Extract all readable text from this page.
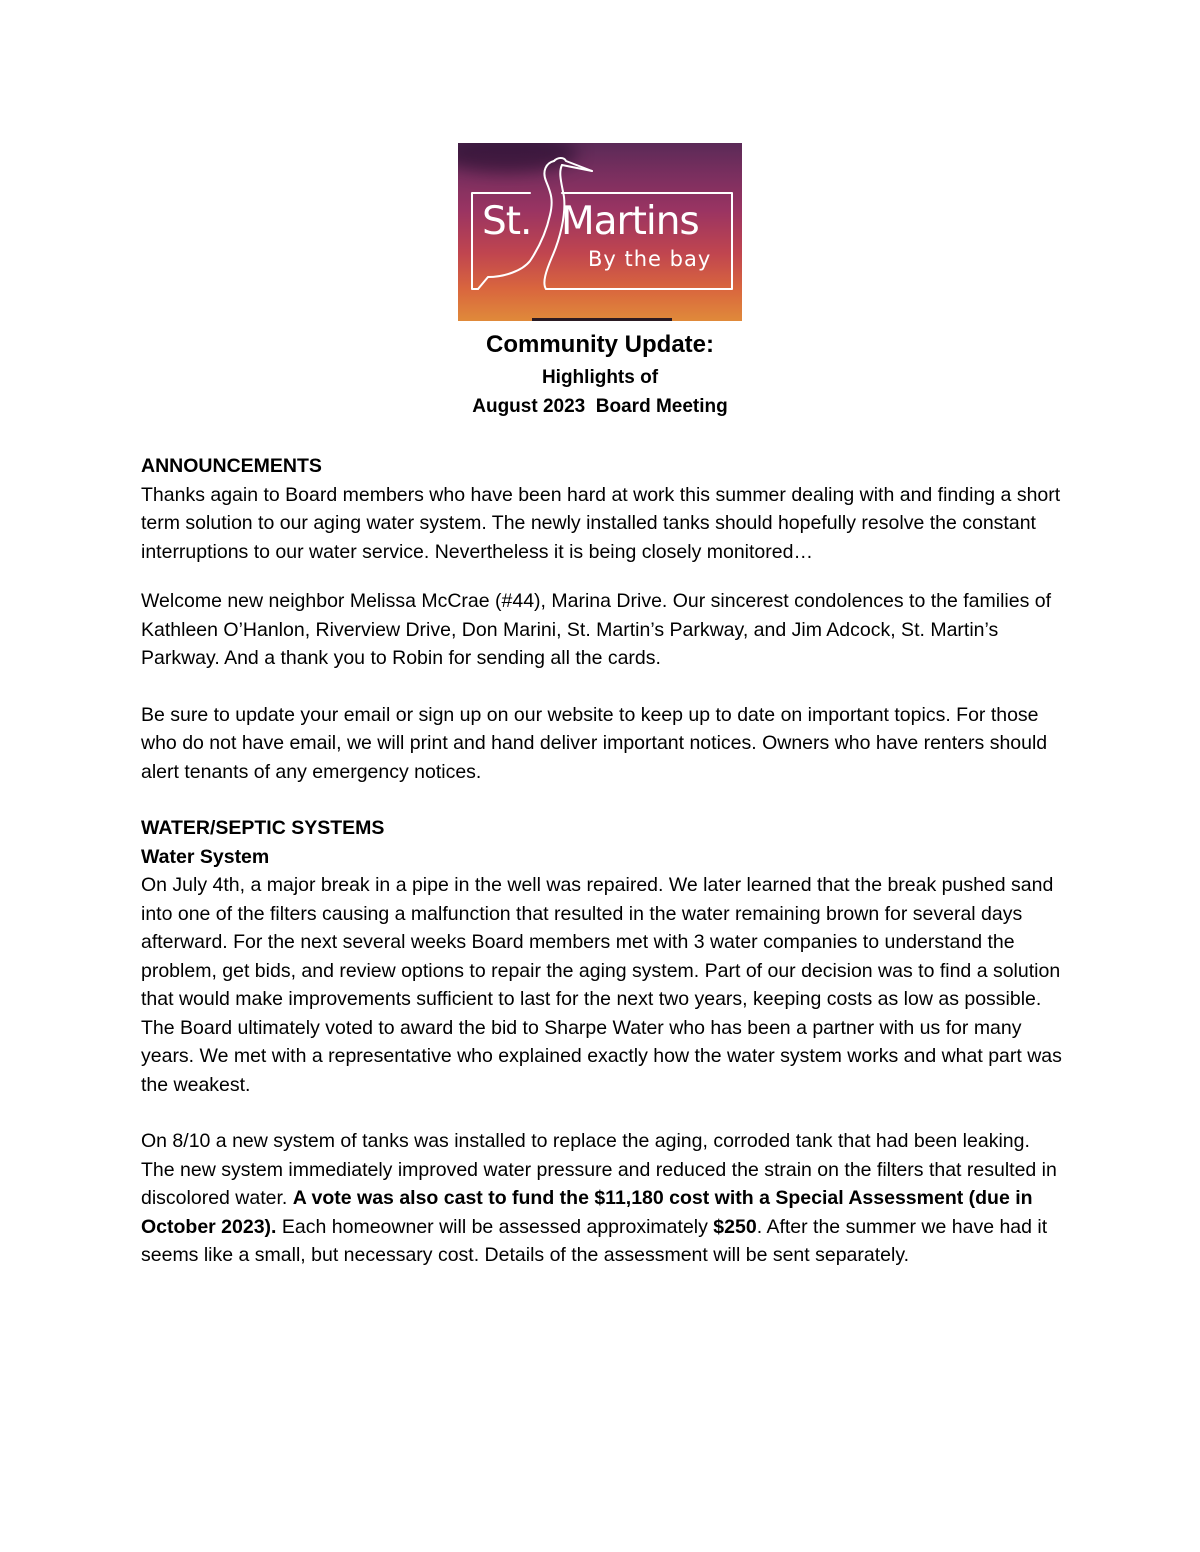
St. Martins
By the bay
Community Update:
Highlights of
August 2023  Board Meeting

ANNOUNCEMENTS

Thanks again to Board members who have been hard at work this summer dealing with and finding a short term solution to our aging water system. The newly installed tanks should hopefully resolve the constant interruptions to our water service. Nevertheless it is being closely monitored…

Welcome new neighbor Melissa McCrae (#44), Marina Drive. Our sincerest condolences to the families of Kathleen O’Hanlon, Riverview Drive, Don Marini, St. Martin’s Parkway, and Jim Adcock, St. Martin’s Parkway. And a thank you to Robin for sending all the cards.

Be sure to update your email or sign up on our website to keep up to date on important topics. For those who do not have email, we will print and hand deliver important notices. Owners who have renters should alert tenants of any emergency notices.

WATER/SEPTIC SYSTEMS

Water System

On July 4th, a major break in a pipe in the well was repaired. We later learned that the break pushed sand into one of the filters causing a malfunction that resulted in the water remaining brown for several days afterward. For the next several weeks Board members met with 3 water companies to understand the problem, get bids, and review options to repair the aging system. Part of our decision was to find a solution that would make improvements sufficient to last for the next two years, keeping costs as low as possible. The Board ultimately voted to award the bid to Sharpe Water who has been a partner with us for many years. We met with a representative who explained exactly how the water system works and what part was the weakest.

On 8/10 a new system of tanks was installed to replace the aging, corroded tank that had been leaking. The new system immediately improved water pressure and reduced the strain on the filters that resulted in discolored water. A vote was also cast to fund the $11,180 cost with a Special Assessment (due in October 2023). Each homeowner will be assessed approximately $250. After the summer we have had it seems like a small, but necessary cost. Details of the assessment will be sent separately.
